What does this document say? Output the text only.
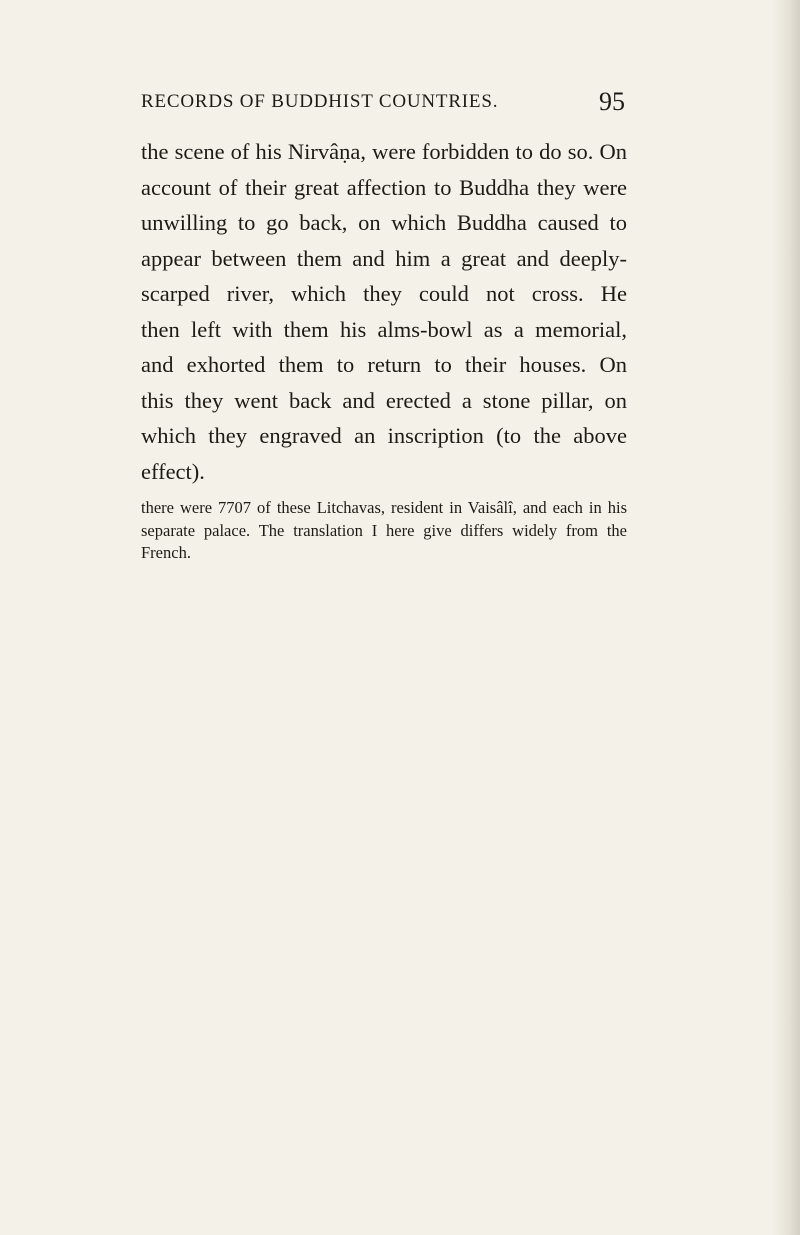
RECORDS OF BUDDHIST COUNTRIES.	95
the scene of his Nirvâṇa, were forbidden to do so. On
account of their great affection to Buddha they were
unwilling to go back, on which Buddha caused to
appear between them and him a great and deeply-
scarped river, which they could not cross. He
then left with them his alms-bowl as a memorial,
and exhorted them to return to their houses. On
this they went back and erected a stone pillar, on
which they engraved an inscription (to the above
effect).
there were 7707 of these Litchavas, resident in Vaisâlî, and each in his
separate palace. The translation I here give differs widely from the
French.
